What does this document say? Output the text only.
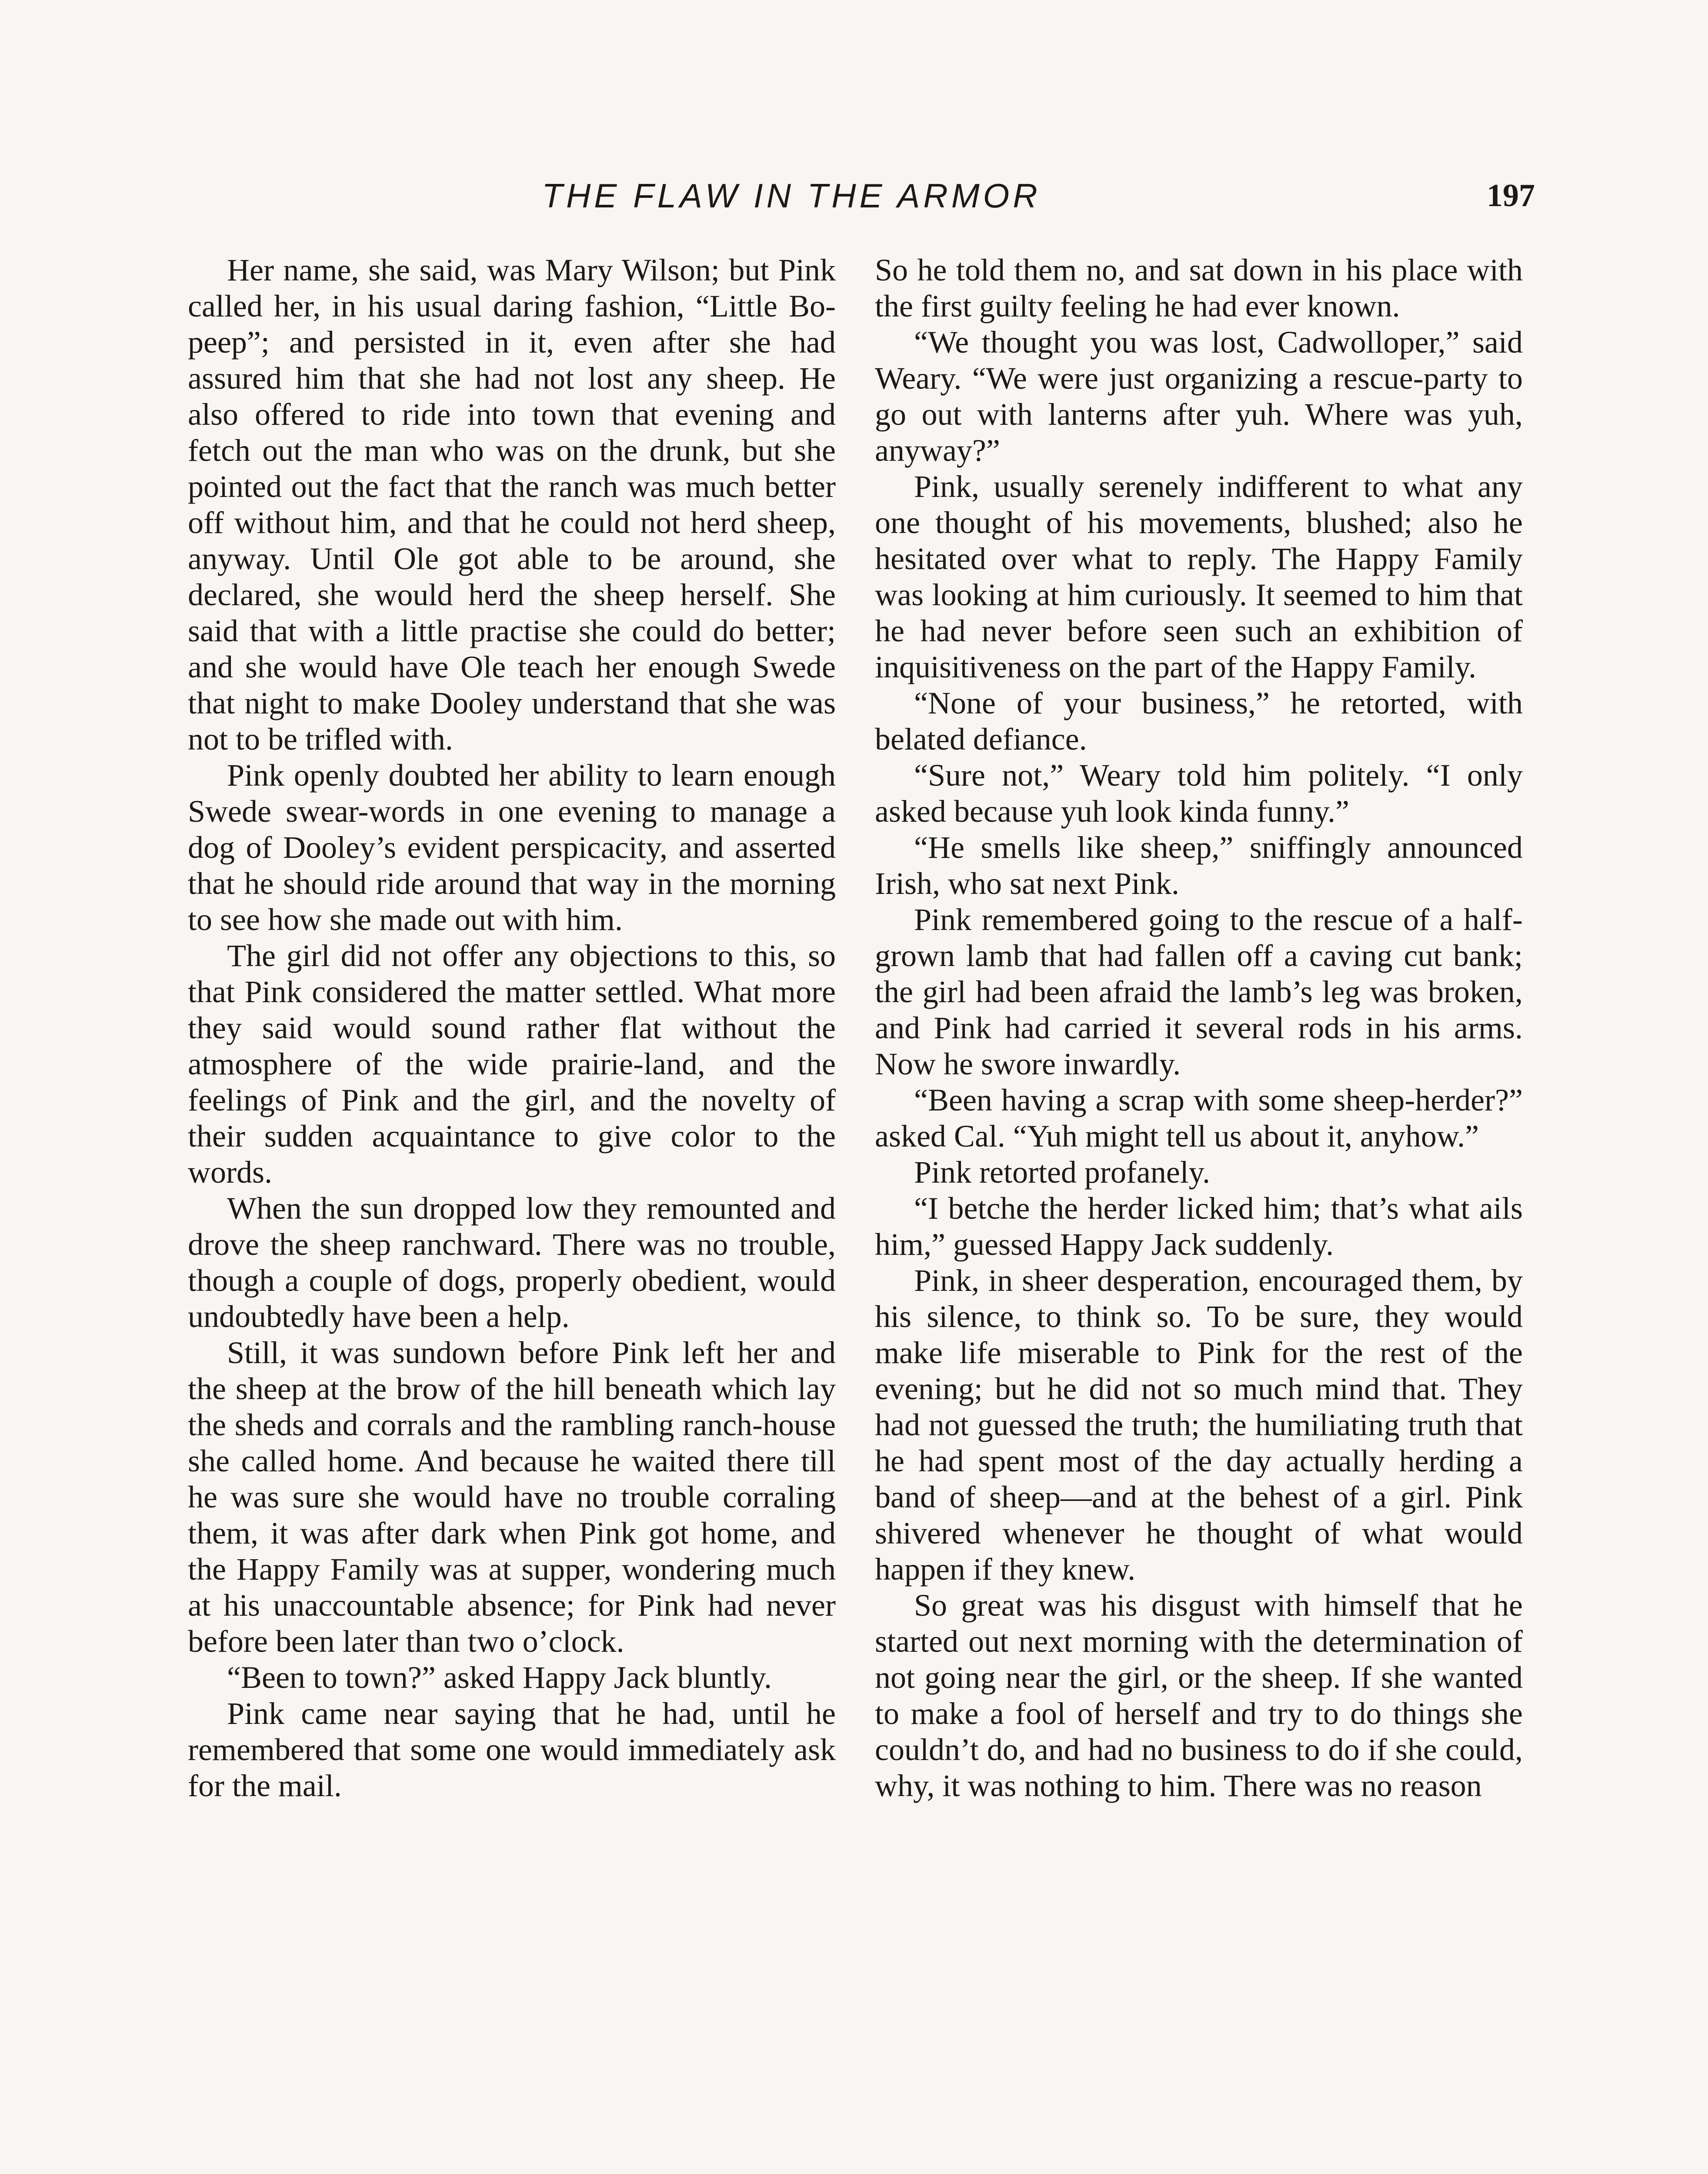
THE FLAW IN THE ARMOR	197

Her name, she said, was Mary Wilson; but Pink called her, in his usual daring fashion, “Little Bo-peep”; and persisted in it, even after she had assured him that she had not lost any sheep. He also offered to ride into town that evening and fetch out the man who was on the drunk, but she pointed out the fact that the ranch was much better off without him, and that he could not herd sheep, anyway. Until Ole got able to be around, she declared, she would herd the sheep herself. She said that with a little practise she could do better; and she would have Ole teach her enough Swede that night to make Dooley understand that she was not to be trifled with.

Pink openly doubted her ability to learn enough Swede swear-words in one evening to manage a dog of Dooley’s evident perspicacity, and asserted that he should ride around that way in the morning to see how she made out with him.

The girl did not offer any objections to this, so that Pink considered the matter settled. What more they said would sound rather flat without the atmosphere of the wide prairie-land, and the feelings of Pink and the girl, and the novelty of their sudden acquaintance to give color to the words.

When the sun dropped low they remounted and drove the sheep ranchward. There was no trouble, though a couple of dogs, properly obedient, would undoubtedly have been a help.

Still, it was sundown before Pink left her and the sheep at the brow of the hill beneath which lay the sheds and corrals and the rambling ranch-house she called home. And because he waited there till he was sure she would have no trouble corraling them, it was after dark when Pink got home, and the Happy Family was at supper, wondering much at his unaccountable absence; for Pink had never before been later than two o’clock.

“Been to town?” asked Happy Jack bluntly.

Pink came near saying that he had, until he remembered that some one would immediately ask for the mail.

So he told them no, and sat down in his place with the first guilty feeling he had ever known.

“We thought you was lost, Cadwolloper,” said Weary. “We were just organizing a rescue-party to go out with lanterns after yuh. Where was yuh, anyway?”

Pink, usually serenely indifferent to what any one thought of his movements, blushed; also he hesitated over what to reply. The Happy Family was looking at him curiously. It seemed to him that he had never before seen such an exhibition of inquisitiveness on the part of the Happy Family.

“None of your business,” he retorted, with belated defiance.

“Sure not,” Weary told him politely. “I only asked because yuh look kinda funny.”

“He smells like sheep,” sniffingly announced Irish, who sat next Pink.

Pink remembered going to the rescue of a half-grown lamb that had fallen off a caving cut bank; the girl had been afraid the lamb’s leg was broken, and Pink had carried it several rods in his arms. Now he swore inwardly.

“Been having a scrap with some sheep-herder?” asked Cal. “Yuh might tell us about it, anyhow.”

Pink retorted profanely.

“I betche the herder licked him; that’s what ails him,” guessed Happy Jack suddenly.

Pink, in sheer desperation, encouraged them, by his silence, to think so. To be sure, they would make life miserable to Pink for the rest of the evening; but he did not so much mind that. They had not guessed the truth; the humiliating truth that he had spent most of the day actually herding a band of sheep—and at the behest of a girl. Pink shivered whenever he thought of what would happen if they knew.

So great was his disgust with himself that he started out next morning with the determination of not going near the girl, or the sheep. If she wanted to make a fool of herself and try to do things she couldn’t do, and had no business to do if she could, why, it was nothing to him. There was no reason
